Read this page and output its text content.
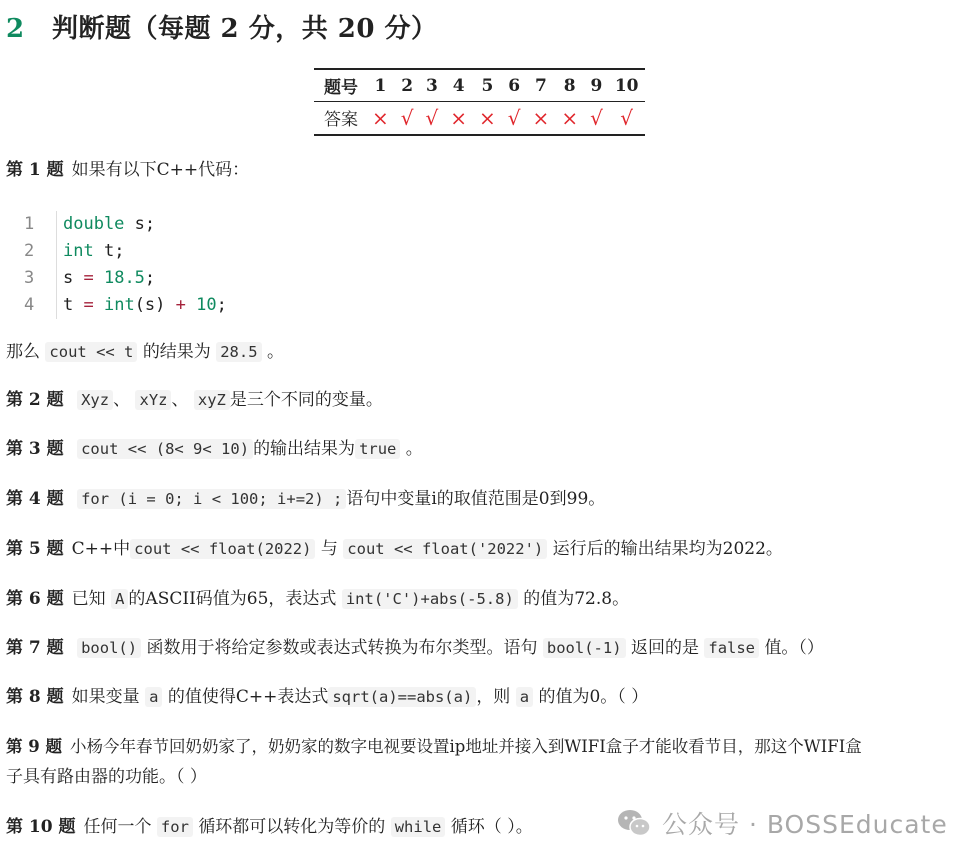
2 判断题（每题 2 分，共 20 分）
题号	1	2	3	4	5	6	7	8	9	10
答案	×	√	√	×	×	√	×	×	√	√
第 1 题 如果有以下C++代码：
1	double s;
2	int t;
3	s = 18.5;
4	t = int(s) + 10;
那么 cout << t 的结果为 28.5 。
第 2 题 Xyz 、 xYz 、 xyZ 是三个不同的变量。
第 3 题 cout << (8< 9< 10) 的输出结果为 true 。
第 4 题 for (i = 0; i < 100; i+=2) ; 语句中变量i的取值范围是0到99。
第 5 题 C++中 cout << float(2022) 与 cout << float('2022') 运行后的输出结果均为2022。
第 6 题 已知 A 的ASCII码值为65，表达式 int('C')+abs(-5.8) 的值为72.8。
第 7 题 bool() 函数用于将给定参数或表达式转换为布尔类型。语句 bool(-1) 返回的是 false 值。（）
第 8 题 如果变量 a 的值使得C++表达式 sqrt(a)==abs(a) ，则 a 的值为0。（ ）
第 9 题 小杨今年春节回奶奶家了，奶奶家的数字电视要设置ip地址并接入到WIFI盒子才能收看节目，那这个WIFI盒
子具有路由器的功能。（ ）
第 10 题 任何一个 for 循环都可以转化为等价的 while 循环（ ）。	公众号 · BOSSEducate
